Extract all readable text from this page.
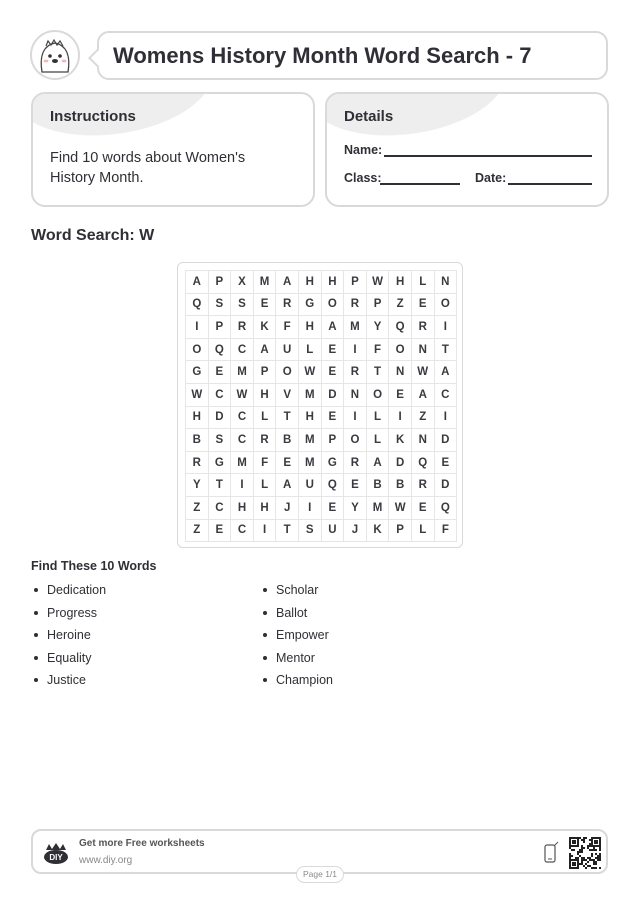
Womens History Month Word Search - 7
Instructions
Find 10 words about Women's History Month.
Details
Name:
Class:	Date:
Word Search: W
A	P	X	M	A	H	H	P	W	H	L	N
Q	S	S	E	R	G	O	R	P	Z	E	O
I	P	R	K	F	H	A	M	Y	Q	R	I
O	Q	C	A	U	L	E	I	F	O	N	T
G	E	M	P	O	W	E	R	T	N	W	A
W	C	W	H	V	M	D	N	O	E	A	C
H	D	C	L	T	H	E	I	L	I	Z	I
B	S	C	R	B	M	P	O	L	K	N	D
R	G	M	F	E	M	G	R	A	D	Q	E
Y	T	I	L	A	U	Q	E	B	B	R	D
Z	C	H	H	J	I	E	Y	M	W	E	Q
Z	E	C	I	T	S	U	J	K	P	L	F
Find These 10 Words
Dedication
Progress
Heroine
Equality
Justice
Scholar
Ballot
Empower
Mentor
Champion
DIY
Get more Free worksheets
www.diy.org
Page 1/1
